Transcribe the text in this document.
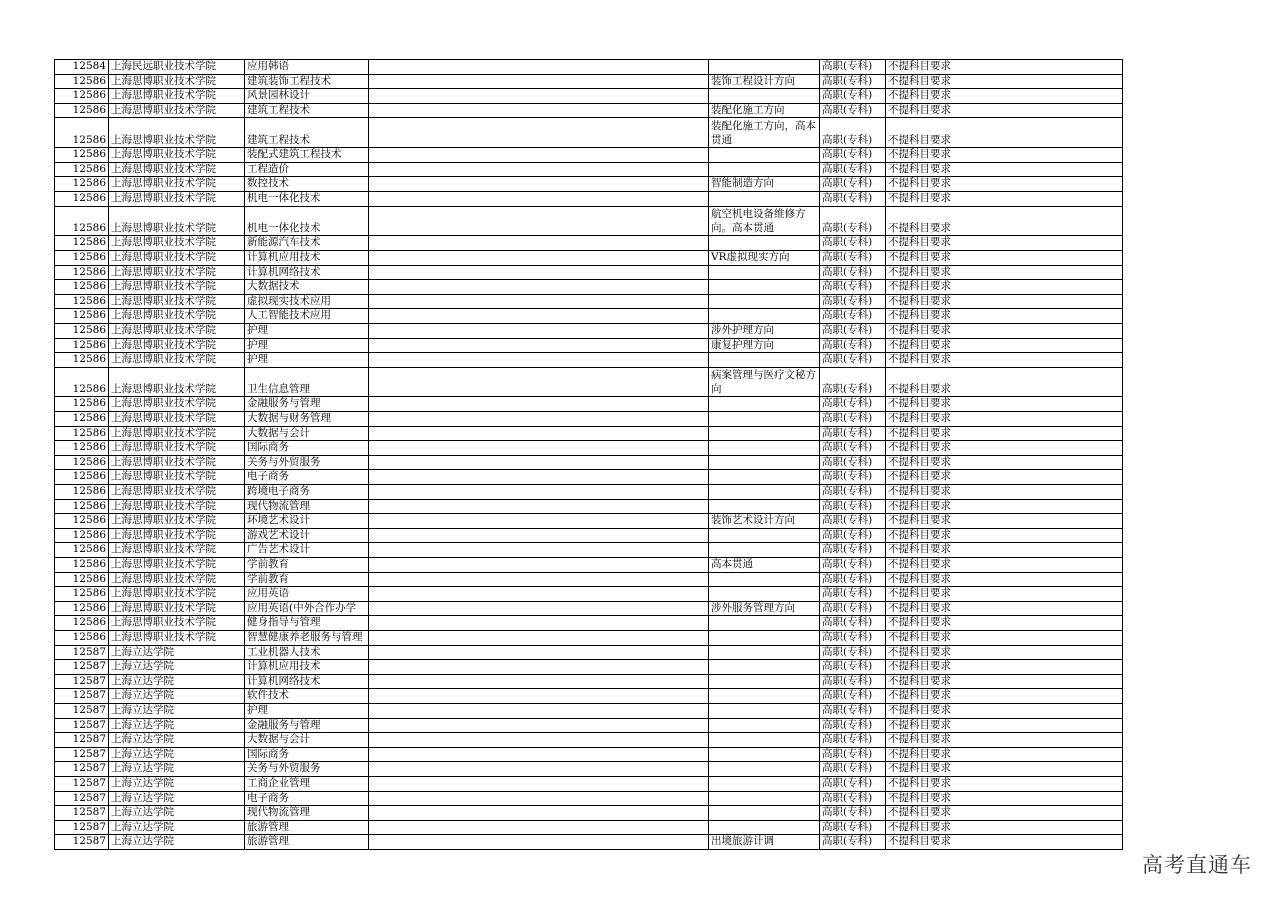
12584	上海民远职业技术学院	应用韩语			高职(专科)	不提科目要求
12586	上海思博职业技术学院	建筑装饰工程技术		装饰工程设计方向	高职(专科)	不提科目要求
12586	上海思博职业技术学院	风景园林设计			高职(专科)	不提科目要求
12586	上海思博职业技术学院	建筑工程技术		装配化施工方向	高职(专科)	不提科目要求
12586	上海思博职业技术学院	建筑工程技术		装配化施工方向，高本贯通	高职(专科)	不提科目要求
12586	上海思博职业技术学院	装配式建筑工程技术			高职(专科)	不提科目要求
12586	上海思博职业技术学院	工程造价			高职(专科)	不提科目要求
12586	上海思博职业技术学院	数控技术		智能制造方向	高职(专科)	不提科目要求
12586	上海思博职业技术学院	机电一体化技术			高职(专科)	不提科目要求
12586	上海思博职业技术学院	机电一体化技术		航空机电设备维修方向。高本贯通	高职(专科)	不提科目要求
12586	上海思博职业技术学院	新能源汽车技术			高职(专科)	不提科目要求
12586	上海思博职业技术学院	计算机应用技术		VR虚拟现实方向	高职(专科)	不提科目要求
12586	上海思博职业技术学院	计算机网络技术			高职(专科)	不提科目要求
12586	上海思博职业技术学院	大数据技术			高职(专科)	不提科目要求
12586	上海思博职业技术学院	虚拟现实技术应用			高职(专科)	不提科目要求
12586	上海思博职业技术学院	人工智能技术应用			高职(专科)	不提科目要求
12586	上海思博职业技术学院	护理		涉外护理方向	高职(专科)	不提科目要求
12586	上海思博职业技术学院	护理		康复护理方向	高职(专科)	不提科目要求
12586	上海思博职业技术学院	护理			高职(专科)	不提科目要求
12586	上海思博职业技术学院	卫生信息管理		病案管理与医疗文秘方向	高职(专科)	不提科目要求
12586	上海思博职业技术学院	金融服务与管理			高职(专科)	不提科目要求
12586	上海思博职业技术学院	大数据与财务管理			高职(专科)	不提科目要求
12586	上海思博职业技术学院	大数据与会计			高职(专科)	不提科目要求
12586	上海思博职业技术学院	国际商务			高职(专科)	不提科目要求
12586	上海思博职业技术学院	关务与外贸服务			高职(专科)	不提科目要求
12586	上海思博职业技术学院	电子商务			高职(专科)	不提科目要求
12586	上海思博职业技术学院	跨境电子商务			高职(专科)	不提科目要求
12586	上海思博职业技术学院	现代物流管理			高职(专科)	不提科目要求
12586	上海思博职业技术学院	环境艺术设计		装饰艺术设计方向	高职(专科)	不提科目要求
12586	上海思博职业技术学院	游戏艺术设计			高职(专科)	不提科目要求
12586	上海思博职业技术学院	广告艺术设计			高职(专科)	不提科目要求
12586	上海思博职业技术学院	学前教育		高本贯通	高职(专科)	不提科目要求
12586	上海思博职业技术学院	学前教育			高职(专科)	不提科目要求
12586	上海思博职业技术学院	应用英语			高职(专科)	不提科目要求
12586	上海思博职业技术学院	应用英语(中外合作办学		涉外服务管理方向	高职(专科)	不提科目要求
12586	上海思博职业技术学院	健身指导与管理			高职(专科)	不提科目要求
12586	上海思博职业技术学院	智慧健康养老服务与管理			高职(专科)	不提科目要求
12587	上海立达学院	工业机器人技术			高职(专科)	不提科目要求
12587	上海立达学院	计算机应用技术			高职(专科)	不提科目要求
12587	上海立达学院	计算机网络技术			高职(专科)	不提科目要求
12587	上海立达学院	软件技术			高职(专科)	不提科目要求
12587	上海立达学院	护理			高职(专科)	不提科目要求
12587	上海立达学院	金融服务与管理			高职(专科)	不提科目要求
12587	上海立达学院	大数据与会计			高职(专科)	不提科目要求
12587	上海立达学院	国际商务			高职(专科)	不提科目要求
12587	上海立达学院	关务与外贸服务			高职(专科)	不提科目要求
12587	上海立达学院	工商企业管理			高职(专科)	不提科目要求
12587	上海立达学院	电子商务			高职(专科)	不提科目要求
12587	上海立达学院	现代物流管理			高职(专科)	不提科目要求
12587	上海立达学院	旅游管理			高职(专科)	不提科目要求
12587	上海立达学院	旅游管理		出境旅游计调	高职(专科)	不提科目要求
高考直通车
